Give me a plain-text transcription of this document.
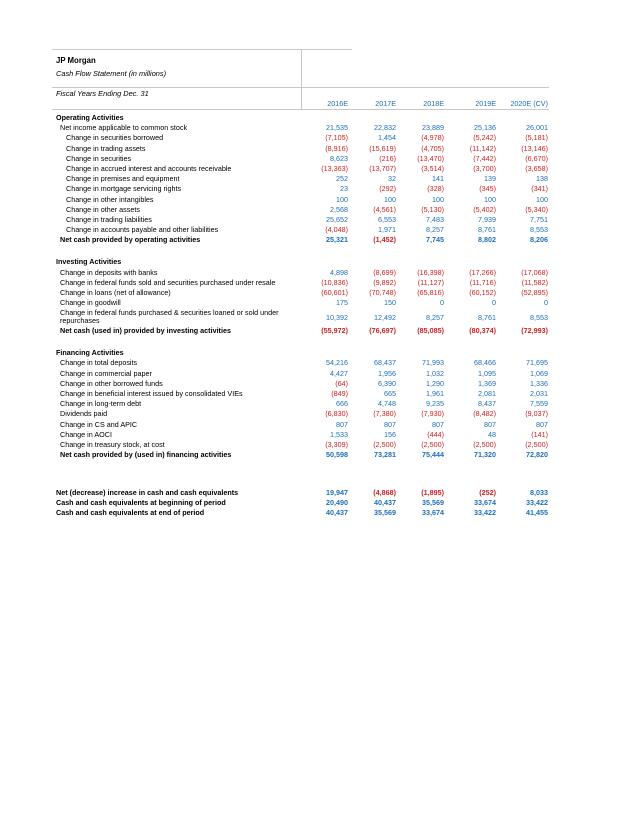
JP Morgan
Cash Flow Statement (in millions)
Fiscal Years Ending Dec. 31
2016E	2017E	2018E	2019E	2020E (CV)
Operating Activities
Net income applicable to common stock	21,535	22,832	23,889	25,136	26,001
Change in securities borrowed	(7,105)	1,454	(4,978)	(5,242)	(5,181)
Change in trading assets	(8,916)	(15,619)	(4,705)	(11,142)	(13,146)
Change in securities	8,623	(216)	(13,470)	(7,442)	(6,670)
Change in accrued interest and accounts receivable	(13,363)	(13,707)	(3,514)	(3,700)	(3,658)
Change in premises and equipment	252	32	141	139	138
Change in mortgage servicing rights	23	(292)	(328)	(345)	(341)
Change in other intangibles	100	100	100	100	100
Change in other assets	2,568	(4,561)	(5,130)	(5,402)	(5,340)
Change in trading liabilities	25,652	6,553	7,483	7,939	7,751
Change in accounts payable and other liabilities	(4,048)	1,971	8,257	8,761	8,553
Net cash provided by operating activities	25,321	(1,452)	7,745	8,802	8,206
Investing Activities
Change in deposits with banks	4,898	(8,699)	(16,398)	(17,266)	(17,068)
Change in federal funds sold and securities purchased under resale	(10,836)	(9,892)	(11,127)	(11,716)	(11,582)
Change in loans (net of allowance)	(60,601)	(70,748)	(65,816)	(60,152)	(52,895)
Change in goodwill	175	150	0	0	0
Change in federal funds purchased & securities loaned or sold under repurchases	10,392	12,492	8,257	8,761	8,553
Net cash (used in) provided by investing activities	(55,972)	(76,697)	(85,085)	(80,374)	(72,993)
Financing Activities
Change in total deposits	54,216	68,437	71,993	68,466	71,695
Change in commercial paper	4,427	1,956	1,032	1,095	1,069
Change in other borrowed funds	(64)	6,390	1,290	1,369	1,336
Change in beneficial interest issued by consolidated VIEs	(849)	665	1,961	2,081	2,031
Change in long-term debt	666	4,748	9,235	8,437	7,559
Dividends paid	(6,830)	(7,380)	(7,930)	(8,482)	(9,037)
Change in CS and APIC	807	807	807	807	807
Change in AOCI	1,533	156	(444)	48	(141)
Change in treasury stock, at cost	(3,309)	(2,500)	(2,500)	(2,500)	(2,500)
Net cash provided by (used in) financing activities	50,598	73,281	75,444	71,320	72,820
Net (decrease) increase in cash and cash equivalents	19,947	(4,868)	(1,895)	(252)	8,033
Cash and cash equivalents at beginning of period	20,490	40,437	35,569	33,674	33,422
Cash and cash equivalents at end of period	40,437	35,569	33,674	33,422	41,455
